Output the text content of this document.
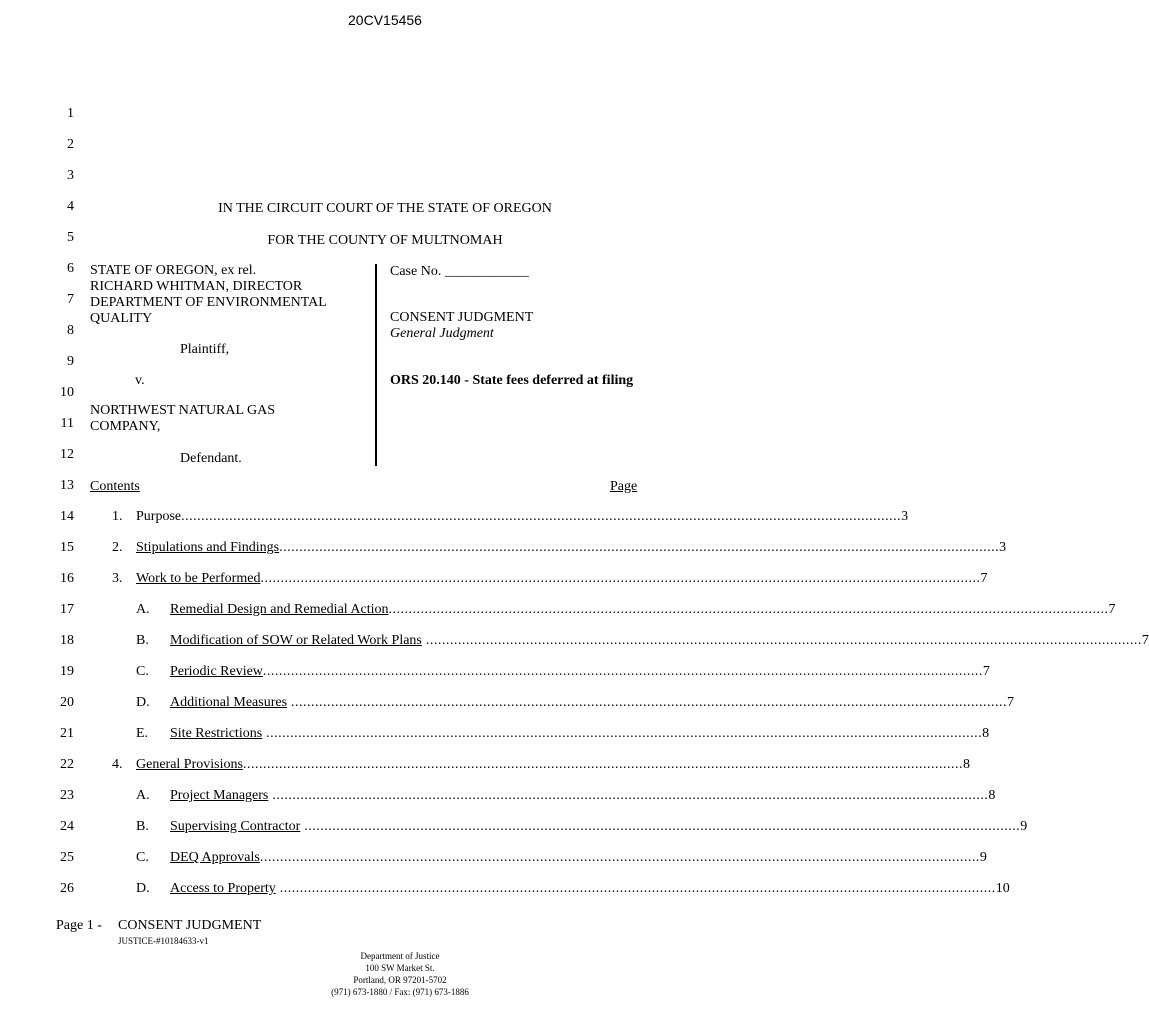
20CV15456
1
2
3
4
5
6
7
8
9
10
11
12
13
14
15
16
17
18
19
20
21
22
23
24
25
26
IN THE CIRCUIT COURT OF THE STATE OF OREGON
FOR THE COUNTY OF MULTNOMAH
STATE OF OREGON, ex rel.
RICHARD WHITMAN, DIRECTOR
DEPARTMENT OF ENVIRONMENTAL
QUALITY
Plaintiff,
v.
NORTHWEST NATURAL GAS
COMPANY,
Defendant.
Case No. ____________
CONSENT JUDGMENT
General Judgment
ORS 20.140 - State fees deferred at filing
Contents	Page
1. Purpose .................................................................................................................................................................................... 3
2. Stipulations and Findings .................................................................................................................................................................................... 3
3. Work to be Performed .................................................................................................................................................................................... 7
A.	Remedial Design and Remedial Action .................................................................................................................................................................................... 7
B.	Modification of SOW or Related Work Plans ................................................................................................................................................................................... 7
C.	Periodic Review .................................................................................................................................................................................... 7
D.	Additional Measures ................................................................................................................................................................................... 7
E.	Site Restrictions ................................................................................................................................................................................... 8
4. General Provisions .................................................................................................................................................................................... 8
A.	Project Managers ................................................................................................................................................................................... 8
B.	Supervising Contractor ................................................................................................................................................................................... 9
C.	DEQ Approvals .................................................................................................................................................................................... 9
D.	Access to Property ................................................................................................................................................................................... 10
Page 1 - CONSENT JUDGMENT
JUSTICE-#10184633-v1
Department of Justice
100 SW Market St.
Portland, OR 97201-5702
(971) 673-1880 / Fax: (971) 673-1886
